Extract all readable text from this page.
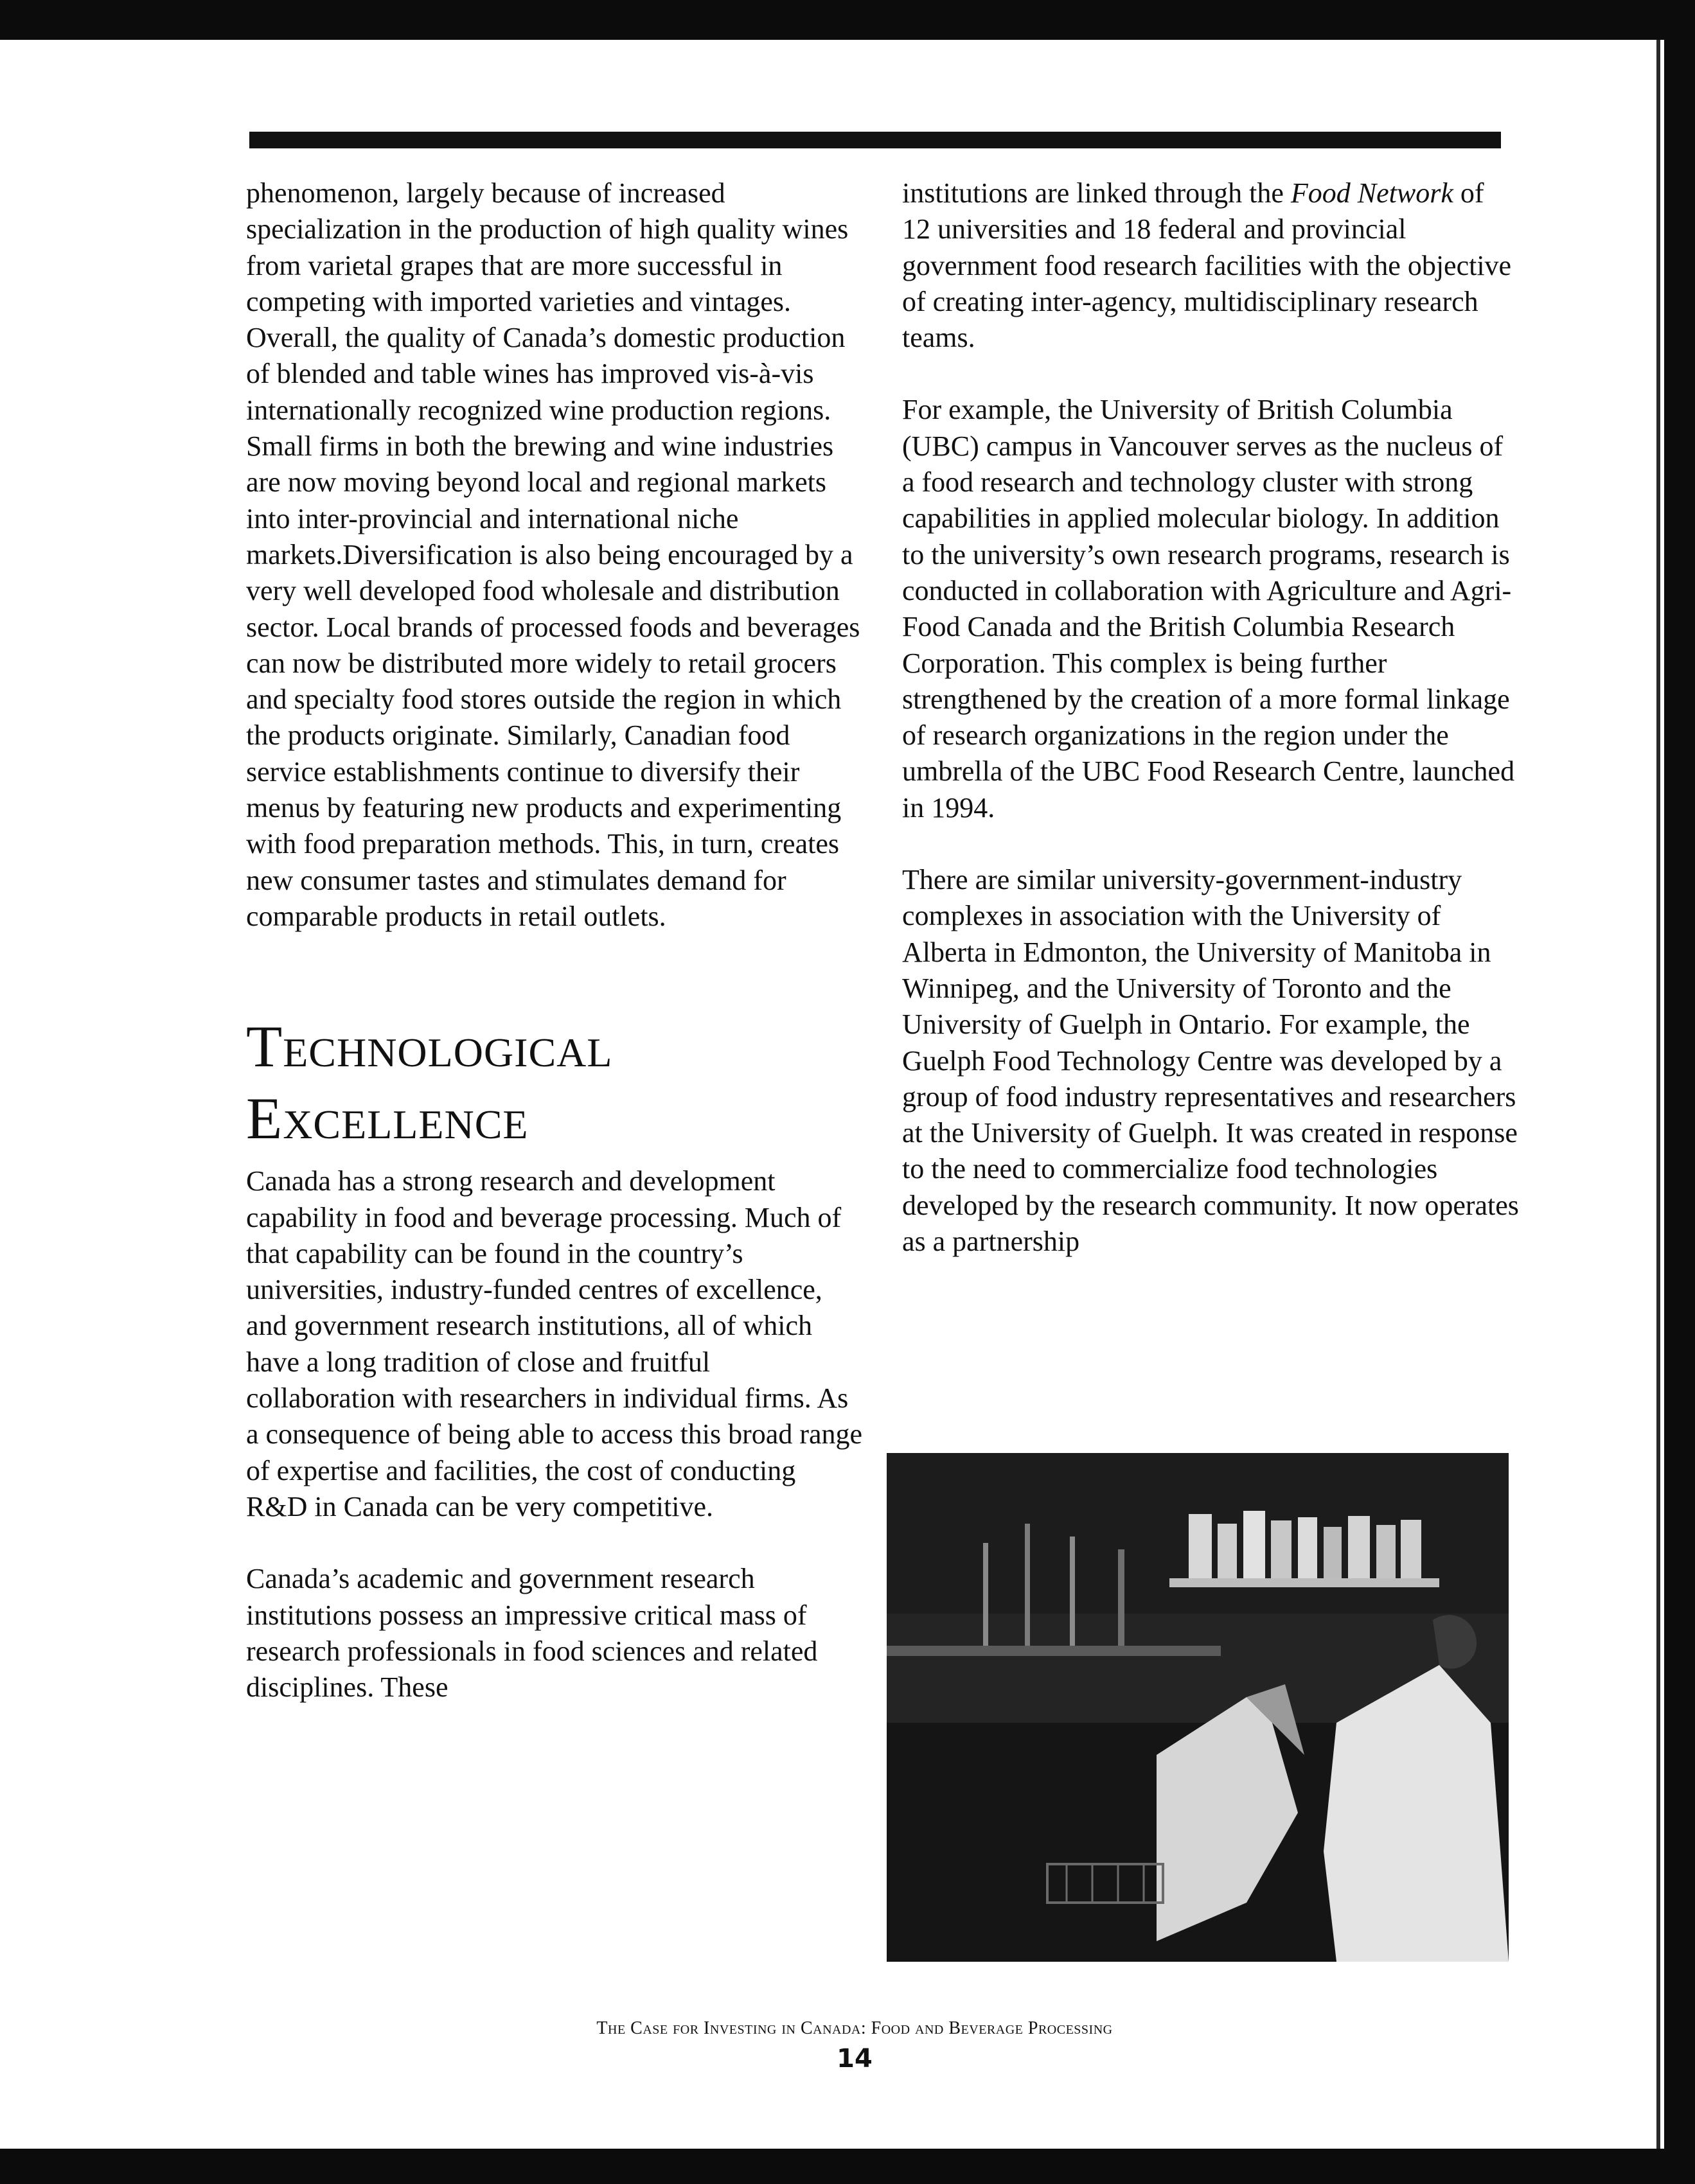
phenomenon, largely because of increased specialization in the production of high quality wines from varietal grapes that are more successful in competing with imported varieties and vintages. Overall, the quality of Canada’s domestic production of blended and table wines has improved vis-à-vis internationally recognized wine production regions. Small firms in both the brewing and wine industries are now moving beyond local and regional markets into inter-provincial and international niche markets.Diversification is also being encouraged by a very well developed food wholesale and distribution sector. Local brands of processed foods and beverages can now be distributed more widely to retail grocers and specialty food stores outside the region in which the products originate. Similarly, Canadian food service establishments continue to diversify their menus by featuring new products and experimenting with food preparation methods. This, in turn, creates new consumer tastes and stimulates demand for comparable products in retail outlets.

Technological
Excellence

Canada has a strong research and development capability in food and beverage processing. Much of that capability can be found in the country’s universities, industry-funded centres of excellence, and government research institutions, all of which have a long tradition of close and fruitful collaboration with researchers in individual firms. As a consequence of being able to access this broad range of expertise and facilities, the cost of conducting R&D in Canada can be very competitive.

Canada’s academic and government research institutions possess an impressive critical mass of research professionals in food sciences and related disciplines. These

institutions are linked through the Food Network of 12 universities and 18 federal and provincial government food research facilities with the objective of creating inter-agency, multidisciplinary research teams.

For example, the University of British Columbia (UBC) campus in Vancouver serves as the nucleus of a food research and technology cluster with strong capabilities in applied molecular biology. In addition to the university’s own research programs, research is conducted in collaboration with Agriculture and Agri-Food Canada and the British Columbia Research Corporation. This complex is being further strengthened by the creation of a more formal linkage of research organizations in the region under the umbrella of the UBC Food Research Centre, launched in 1994.

There are similar university-government-industry complexes in association with the University of Alberta in Edmonton, the University of Manitoba in Winnipeg, and the University of Toronto and the University of Guelph in Ontario. For example, the Guelph Food Technology Centre was developed by a group of food industry representatives and researchers at the University of Guelph. It was created in response to the need to commercialize food technologies developed by the research community. It now operates as a partnership

The Case for Investing in Canada: Food and Beverage Processing
14
